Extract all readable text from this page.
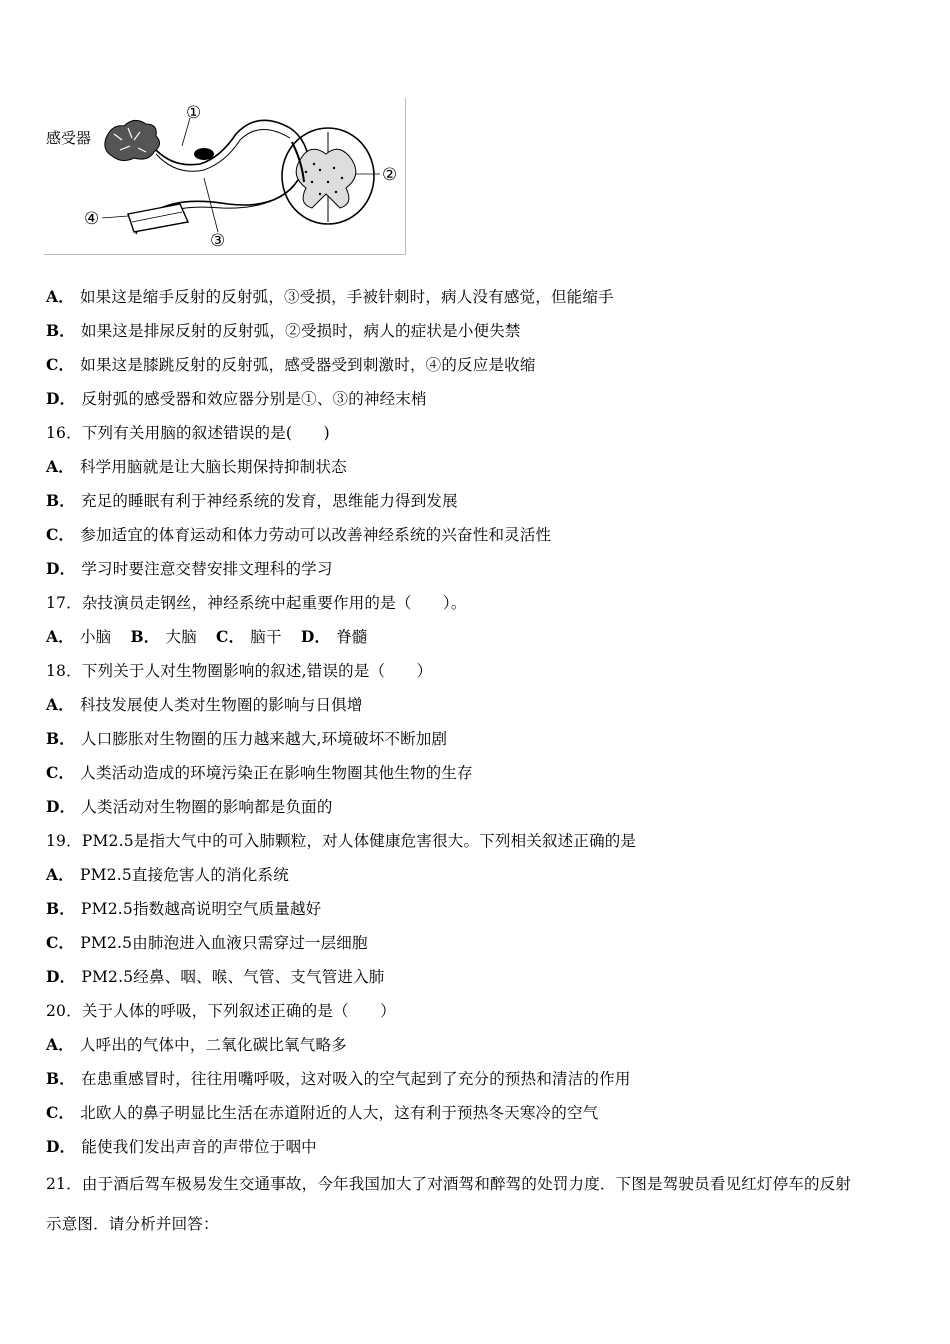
感受器
①
②
③
④
A． 如果这是缩手反射的反射弧，③受损，手被针刺时，病人没有感觉，但能缩手
B． 如果这是排尿反射的反射弧，②受损时，病人的症状是小便失禁
C． 如果这是膝跳反射的反射弧，感受器受到刺激时，④的反应是收缩
D． 反射弧的感受器和效应器分别是①、③的神经末梢
16．下列有关用脑的叙述错误的是(　　)
A． 科学用脑就是让大脑长期保持抑制状态
B． 充足的睡眠有利于神经系统的发育，思维能力得到发展
C． 参加适宜的体育运动和体力劳动可以改善神经系统的兴奋性和灵活性
D． 学习时要注意交替安排文理科的学习
17．杂技演员走钢丝，神经系统中起重要作用的是（　　）。
A． 小脑 B． 大脑 C． 脑干 D． 脊髓
18．下列关于人对生物圈影响的叙述,错误的是（　　）
A． 科技发展使人类对生物圈的影响与日俱增
B． 人口膨胀对生物圈的压力越来越大,环境破坏不断加剧
C． 人类活动造成的环境污染正在影响生物圈其他生物的生存
D． 人类活动对生物圈的影响都是负面的
19．PM2.5是指大气中的可入肺颗粒，对人体健康危害很大。下列相关叙述正确的是
A． PM2.5直接危害人的消化系统
B． PM2.5指数越高说明空气质量越好
C． PM2.5由肺泡进入血液只需穿过一层细胞
D． PM2.5经鼻、咽、喉、气管、支气管进入肺
20．关于人体的呼吸，下列叙述正确的是（　　）
A． 人呼出的气体中，二氧化碳比氧气略多
B． 在患重感冒时，往往用嘴呼吸，这对吸入的空气起到了充分的预热和清洁的作用
C． 北欧人的鼻子明显比生活在赤道附近的人大，这有利于预热冬天寒冷的空气
D． 能使我们发出声音的声带位于咽中
21．由于酒后驾车极易发生交通事故，今年我国加大了对酒驾和醉驾的处罚力度．下图是驾驶员看见红灯停车的反射
示意图．请分析并回答：
